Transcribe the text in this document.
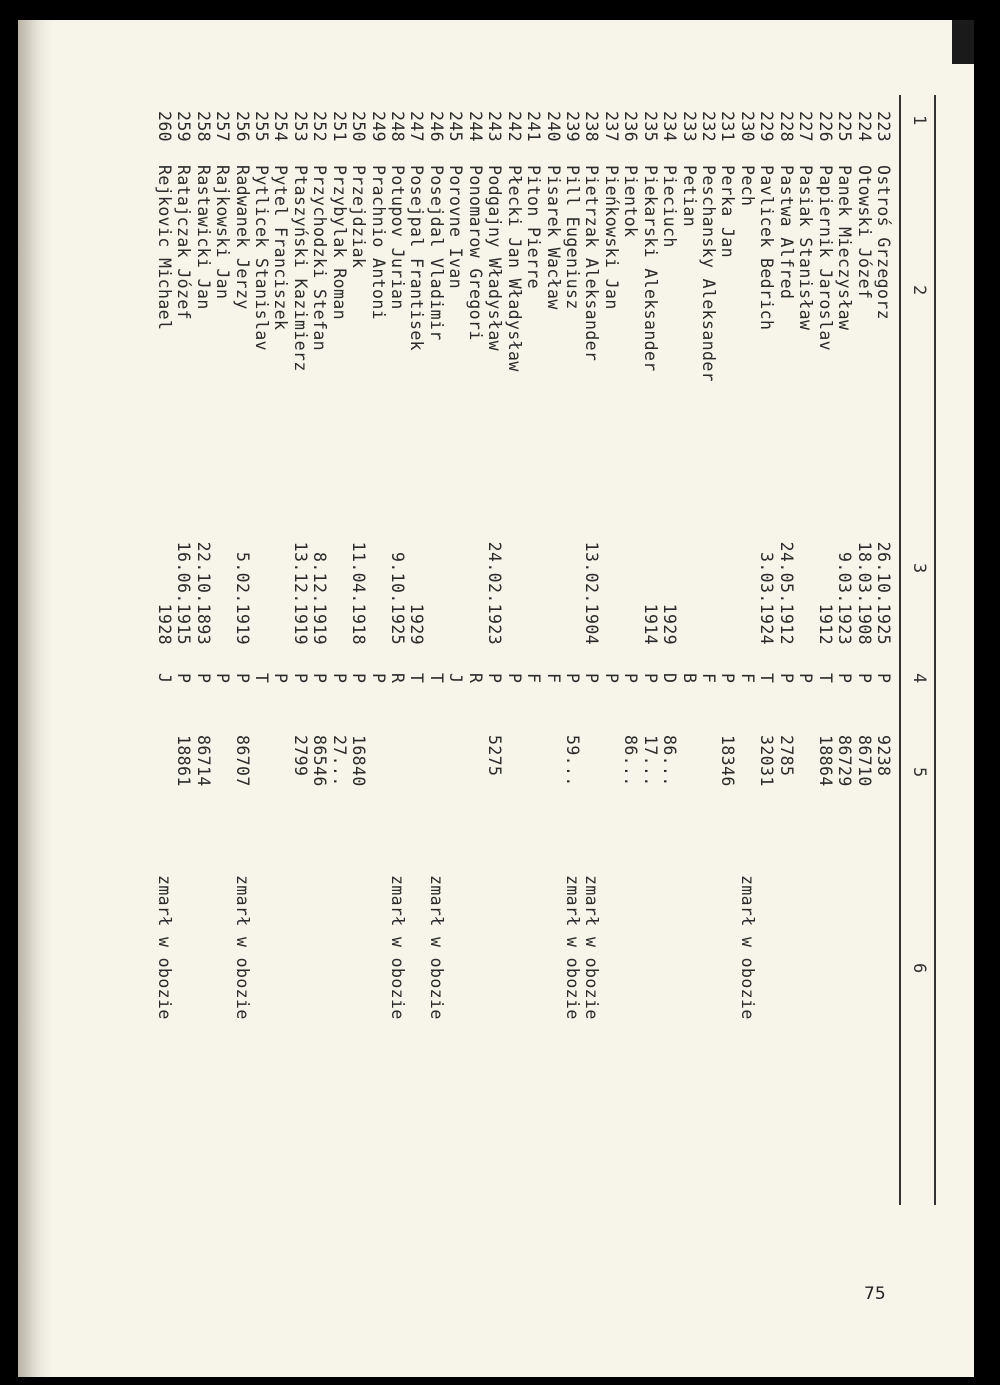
1
2
3
4
5
6
223
Ostroś Grzegorz
26.10.1925
P
9238
224
Otowski Józef
18.03.1908
P
86710
225
Panek Mieczysław
9.03.1923
P
86729
226
Papiernik Jaroslav
1912
T
18864
227
Pasiak Stanisław
P
228
Pastwa Alfred
24.05.1912
P
2785
229
Pavlicek Bedrich
3.03.1924
T
32031
230
Pech
F
zmarł w obozie
231
Perka Jan
P
18346
232
Peschansky Aleksander
F
233
Petian
B
234
Pieciuch
1929
D
86...
235
Piekarski Aleksander
1914
P
17...
236
Pientok
P
86...
237
Pieńkowski Jan
P
238
Pietrzak Aleksander
13.02.1904
P
zmarł w obozie
239
Pill Eugeniusz
P
59...
zmarł w obozie
240
Pisarek Wacław
F
241
Piton Pierre
F
242
Płecki Jan Władysław
P
243
Podgajny Władysław
24.02.1923
P
5275
244
Ponomarow Gregori
R
245
Porovne Ivan
J
246
Posejdal Vladimir
T
zmarł w obozie
247
Posejpal Frantisek
1929
T
248
Potupov Jurian
9.10.1925
R
zmarł w obozie
249
Prachnio Antoni
P
250
Przejdziak
11.04.1918
P
16840
251
Przybylak Roman
P
27...
252
Przychodzki Stefan
8.12.1919
P
86546
253
Ptaszyński Kazimierz
13.12.1919
P
2799
254
Pytel Franciszek
P
255
Pytlicek Stanislav
T
256
Radwanek Jerzy
5.02.1919
P
86707
zmarł w obozie
257
Rajkowski Jan
P
258
Rastawicki Jan
22.10.1893
P
86714
259
Ratajczak Józef
16.06.1915
P
18861
260
Rejkovic Michael
1928
J
zmarł w obozie
75
